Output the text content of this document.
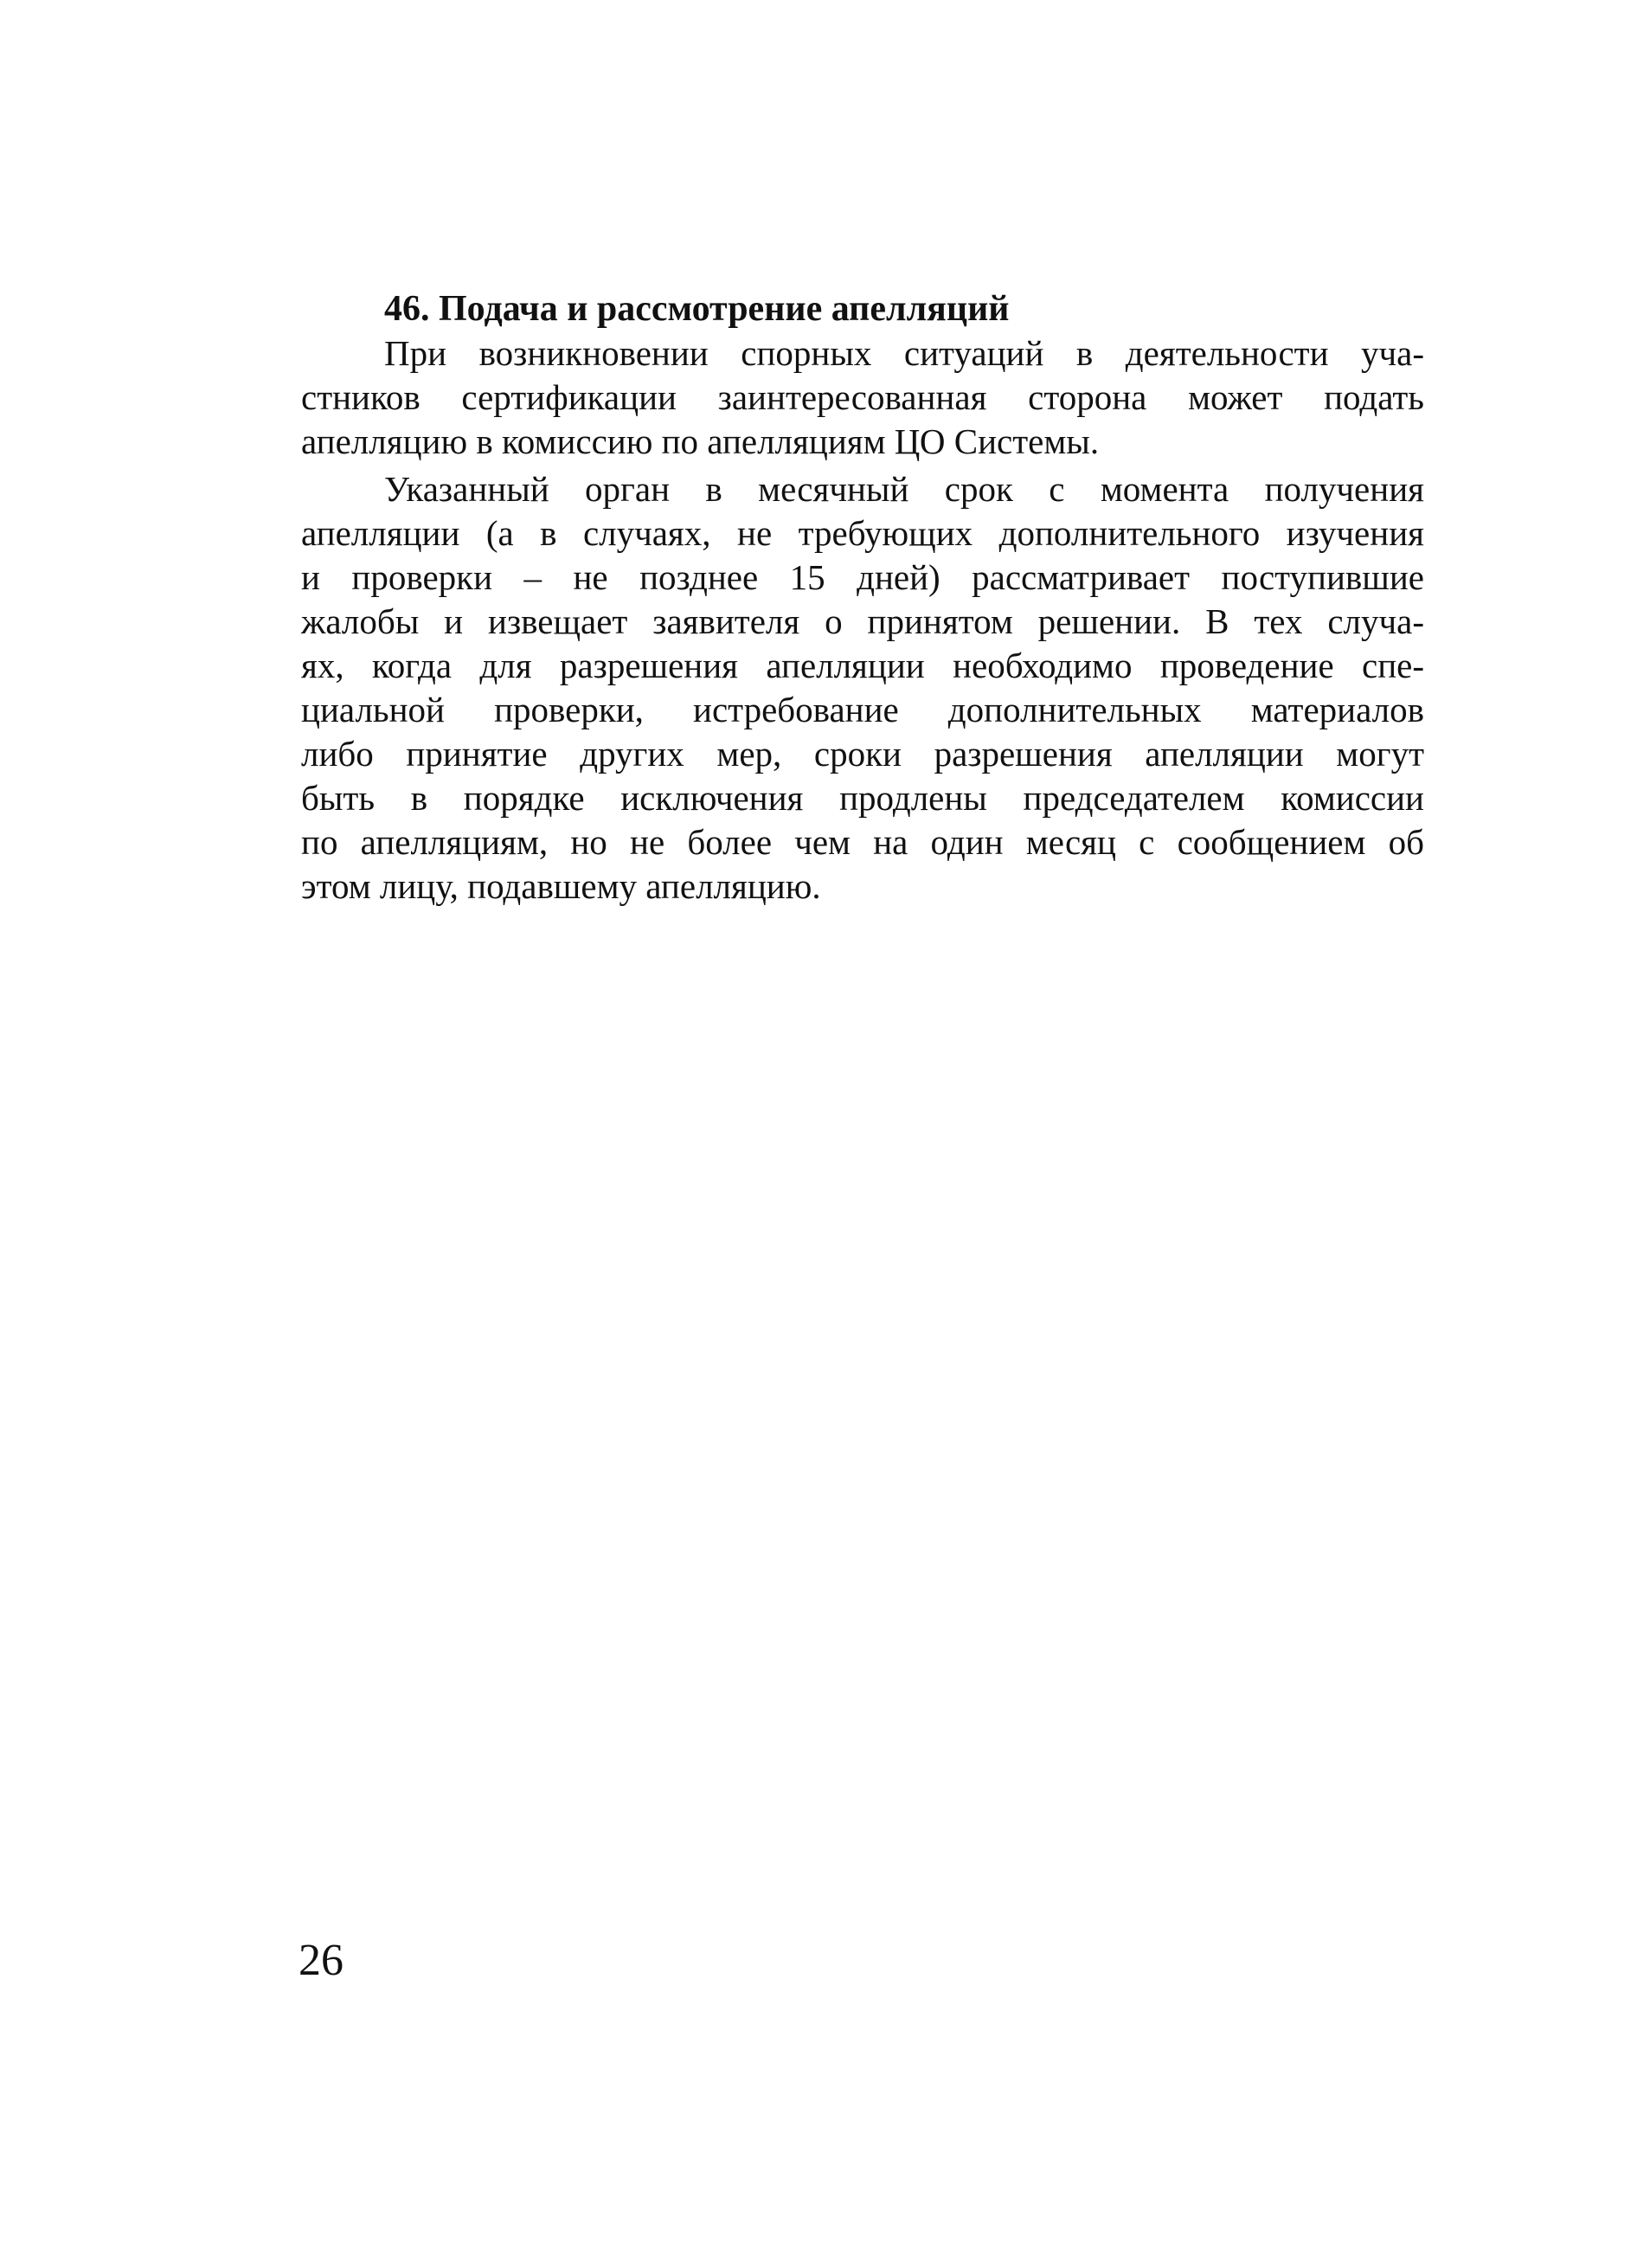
46. Подача и рассмотрение апелляций
При возникновении спорных ситуаций в деятельности уча-
стников сертификации заинтересованная сторона может подать
апелляцию в комиссию по апелляциям ЦО Системы.
Указанный орган в месячный срок с момента получения
апелляции (а в случаях, не требующих дополнительного изучения
и проверки – не позднее 15 дней) рассматривает поступившие
жалобы и извещает заявителя о принятом решении. В тех случа-
ях, когда для разрешения апелляции необходимо проведение спе-
циальной проверки, истребование дополнительных материалов
либо принятие других мер, сроки разрешения апелляции могут
быть в порядке исключения продлены председателем комиссии
по апелляциям, но не более чем на один месяц с сообщением об
этом лицу, подавшему апелляцию.
26
